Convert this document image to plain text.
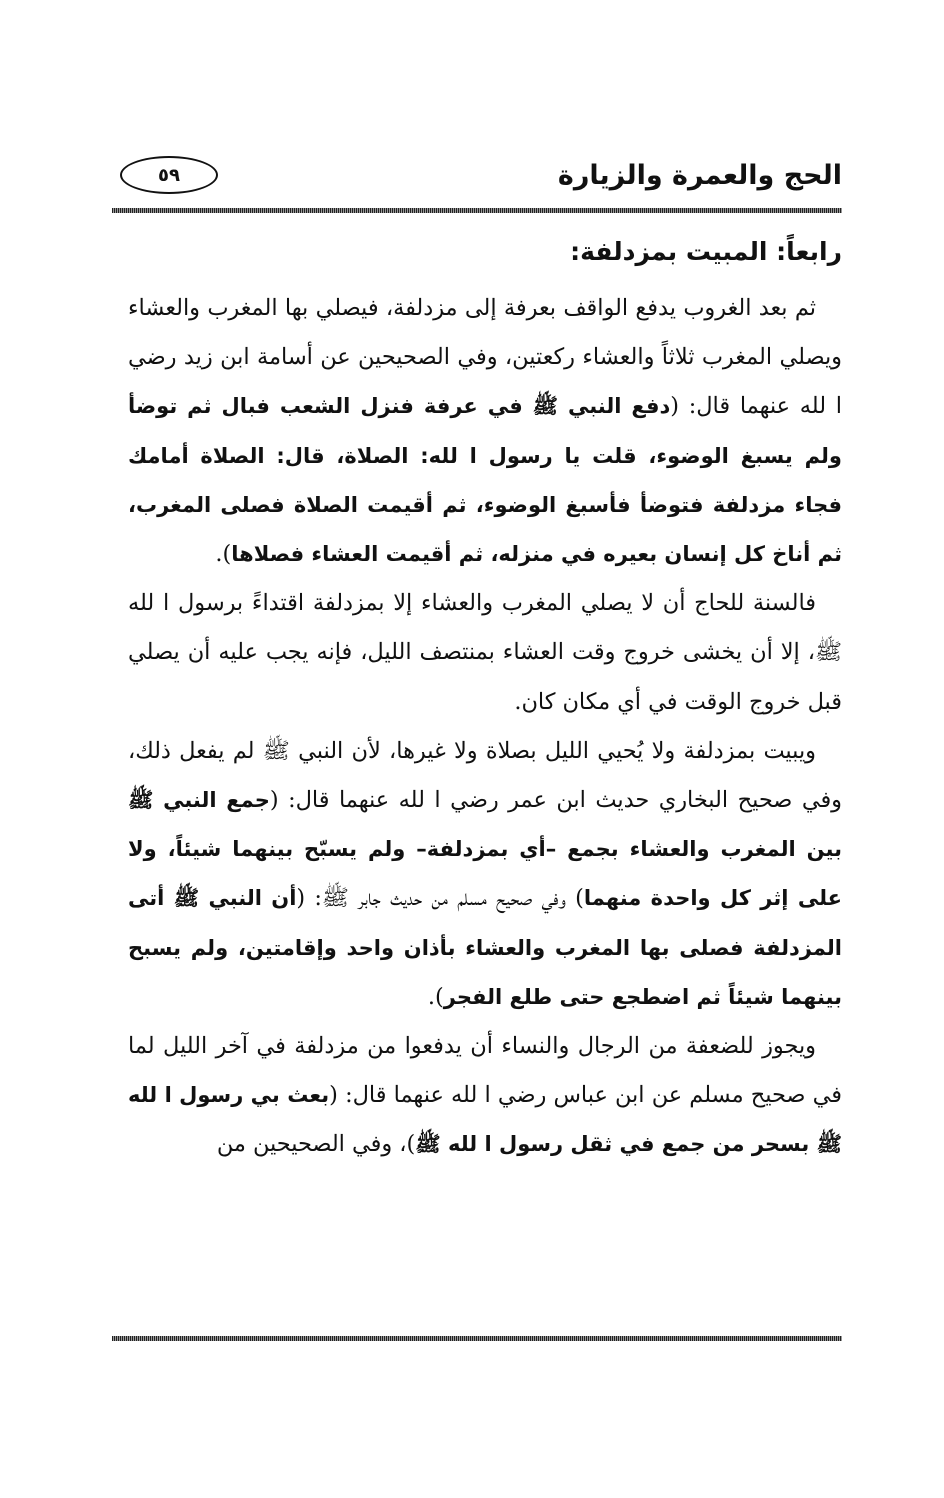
الحج والعمرة والزيارة
٥٩
رابعاً: المبيت بمزدلفة:

ثم بعد الغروب يدفع الواقف بعرفة إلى مزدلفة، فيصلي بها المغرب والعشاء ويصلي المغرب ثلاثاً والعشاء ركعتين، وفي الصحيحين عن أسامة ابن زيد رضي ا لله عنهما قال: (دفع النبي ﷺ في عرفة فنزل الشعب فبال ثم توضأ ولم يسبغ الوضوء، قلت يا رسول ا لله: الصلاة، قال: الصلاة أمامك فجاء مزدلفة فتوضأ فأسبغ الوضوء، ثم أقيمت الصلاة فصلى المغرب، ثم أناخ كل إنسان بعيره في منزله، ثم أقيمت العشاء فصلاها).

فالسنة للحاج أن لا يصلي المغرب والعشاء إلا بمزدلفة اقتداءً برسول ا لله ﷺ، إلا أن يخشى خروج وقت العشاء بمنتصف الليل، فإنه يجب عليه أن يصلي قبل خروج الوقت في أي مكان كان.

ويبيت بمزدلفة ولا يُحيي الليل بصلاة ولا غيرها، لأن النبي ﷺ لم يفعل ذلك، وفي صحيح البخاري حديث ابن عمر رضي ا لله عنهما قال: (جمع النبي ﷺ بين المغرب والعشاء بجمع –أي بمزدلفة– ولم يسبّح بينهما شيئاً، ولا على إثر كل واحدة منهما) وفي صحيح مسلم من حديث جابر ﷺ: (أن النبي ﷺ أتى المزدلفة فصلى بها المغرب والعشاء بأذان واحد وإقامتين، ولم يسبح بينهما شيئاً ثم اضطجع حتى طلع الفجر).

ويجوز للضعفة من الرجال والنساء أن يدفعوا من مزدلفة في آخر الليل لما في صحيح مسلم عن ابن عباس رضي ا لله عنهما قال: (بعث بي رسول ا لله ﷺ بسحر من جمع في ثقل رسول ا لله ﷺ)، وفي الصحيحين من
